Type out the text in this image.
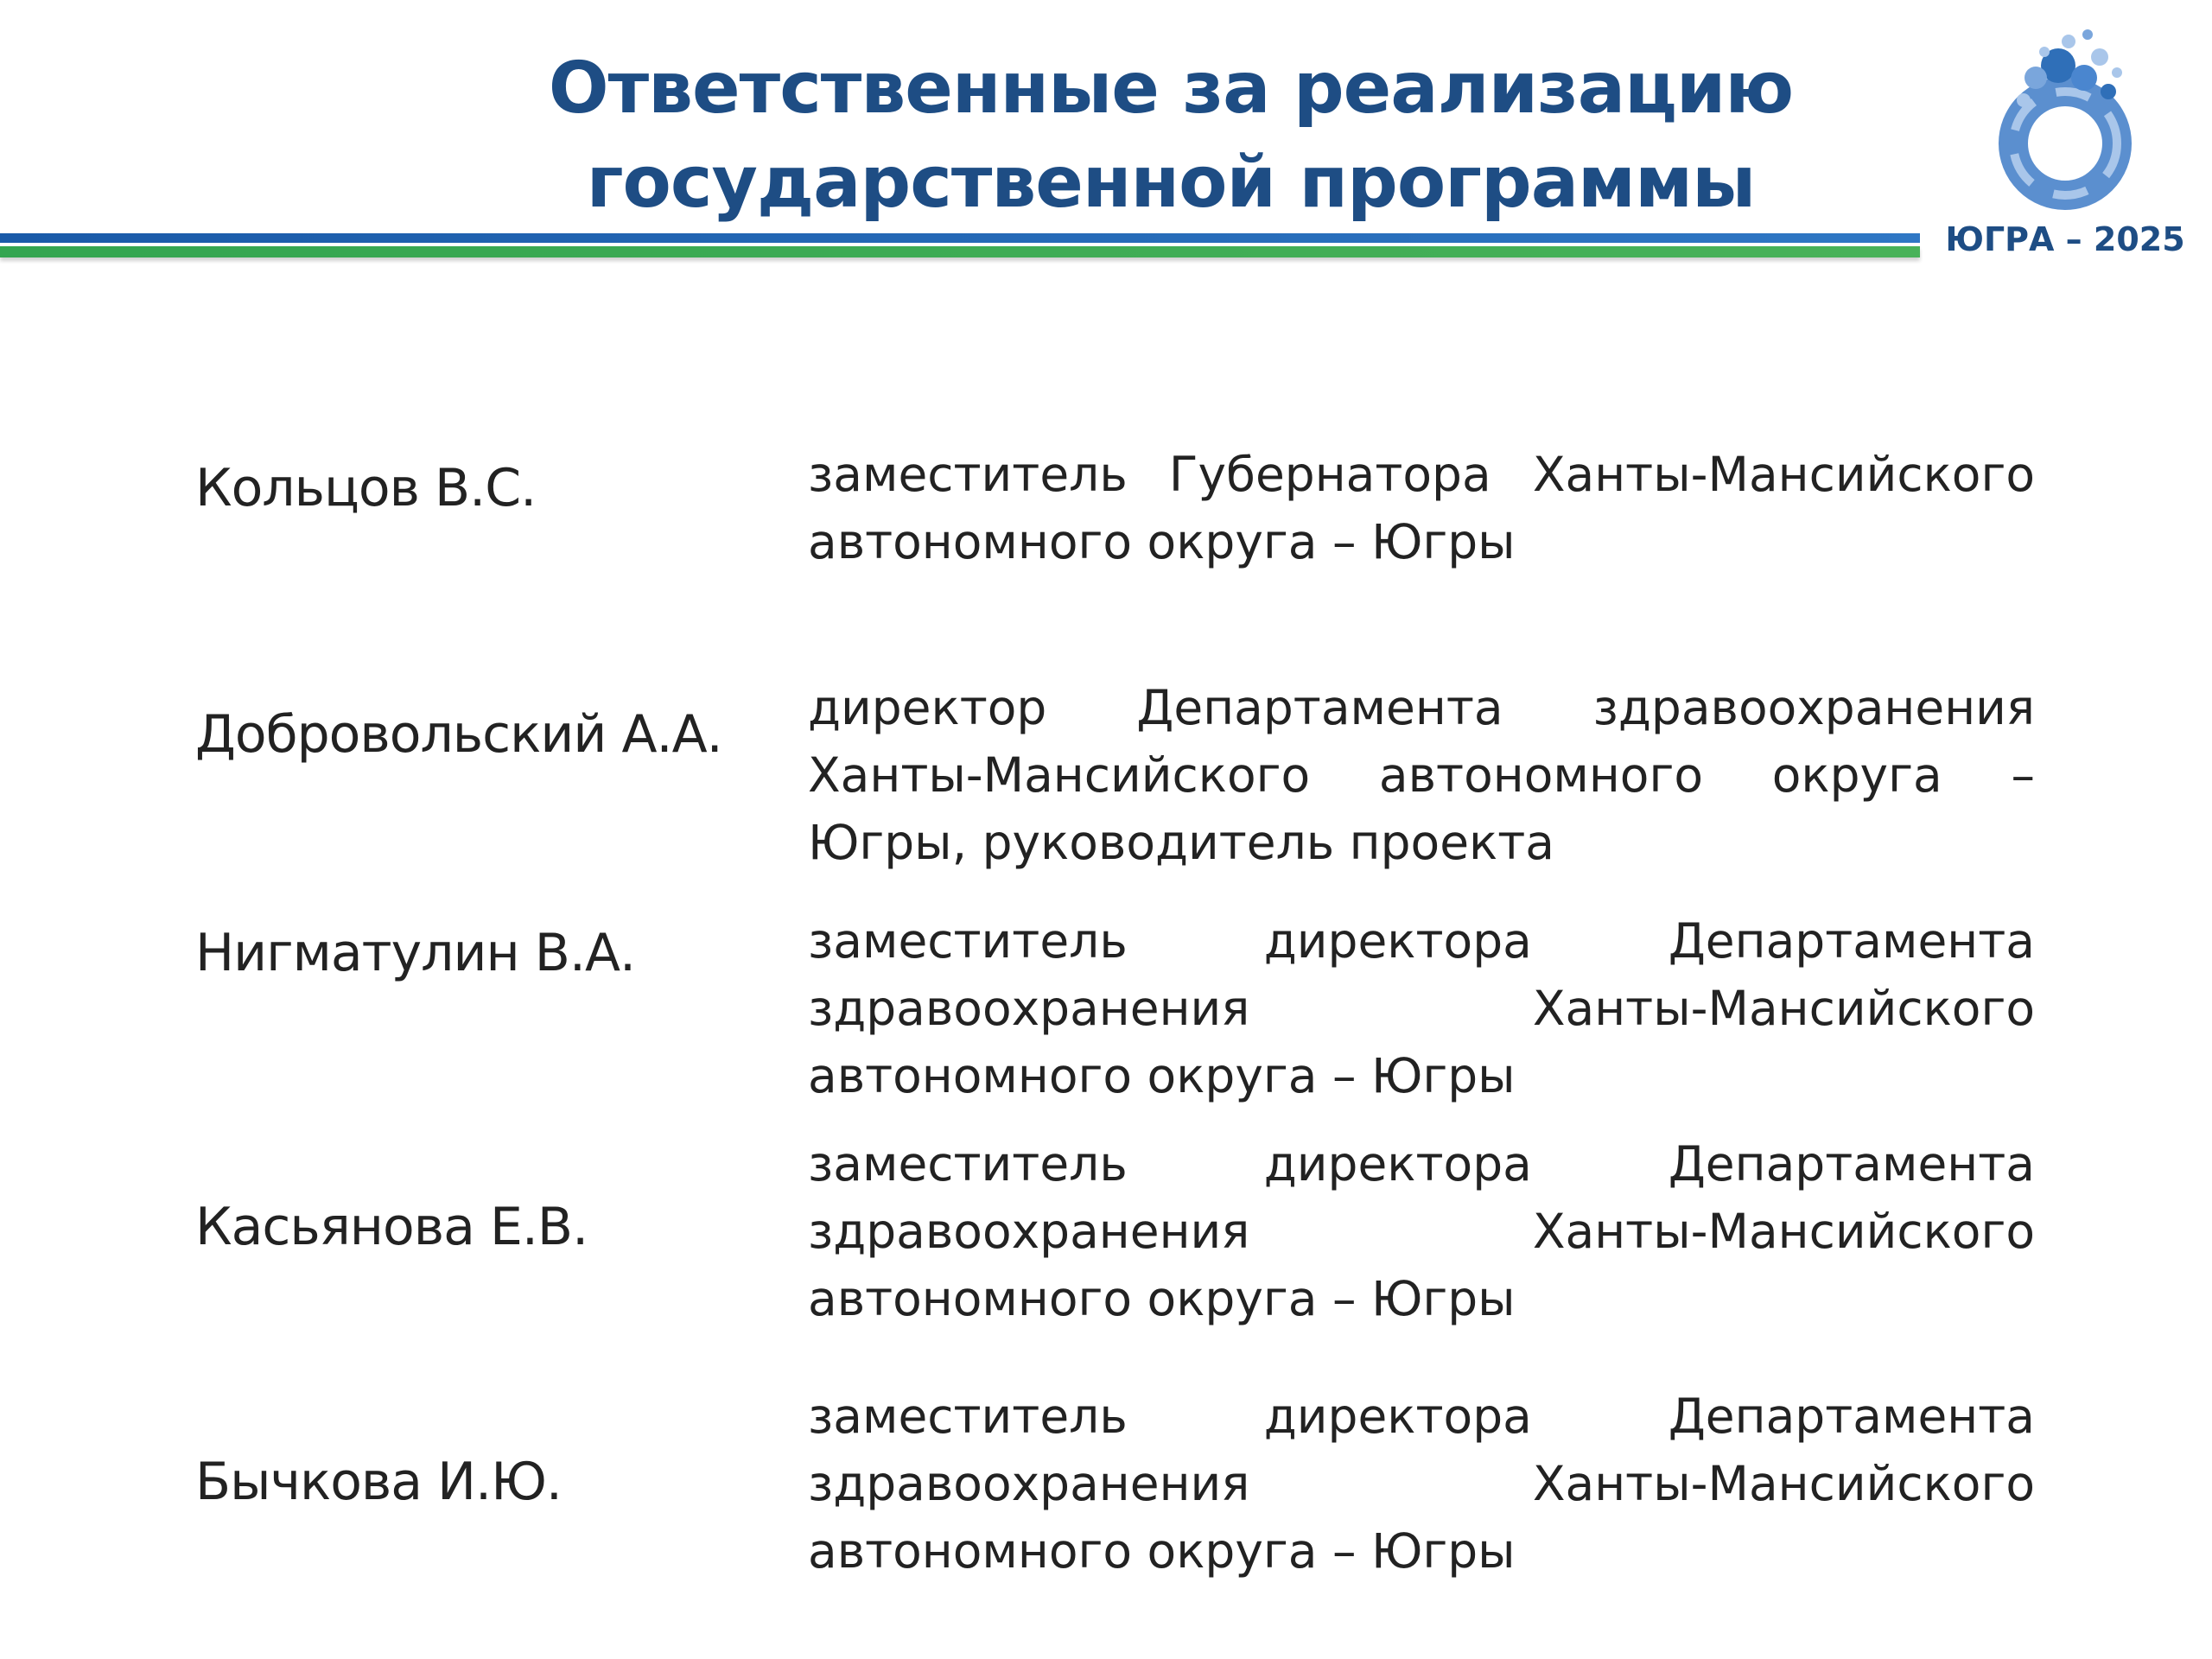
Ответственные за реализацию
государственной программы
ЮГРА – 2025
Кольцов В.С.	заместитель Губернатора Ханты-Мансийского автономного округа – Югры

Добровольский А.А. директор Департамента здравоохранения Ханты-Мансийского автономного округа – Югры, руководитель проекта

Нигматулин В.А.	заместитель директора Департамента здравоохранения Ханты-Мансийского автономного округа – Югры

Касьянова Е.В.

заместитель директора Департамента здравоохранения Ханты-Мансийского автономного округа – Югры

Бычкова И.Ю.

заместитель директора Департамента здравоохранения Ханты-Мансийского автономного округа – Югры
